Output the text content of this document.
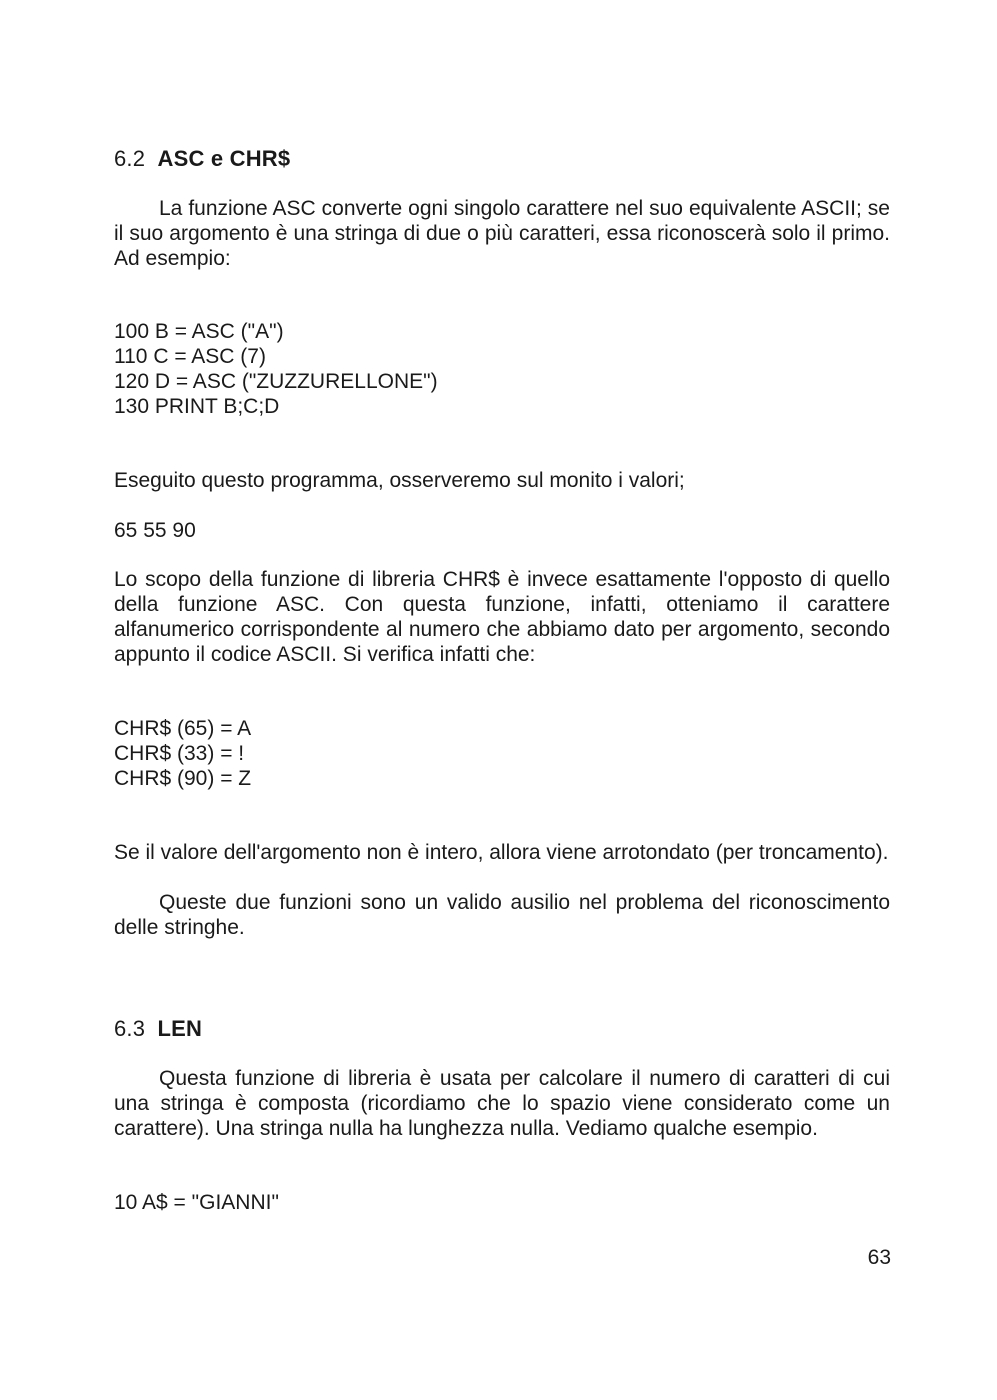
6.2 ASC e CHR$

La funzione ASC converte ogni singolo carattere nel suo equivalente ASCII; se il suo argomento è una stringa di due o più caratteri, essa riconoscerà solo il primo. Ad esempio:

100 B = ASC ("A")
110 C = ASC (7)
120 D = ASC ("ZUZZURELLONE")
130 PRINT B;C;D

Eseguito questo programma, osserveremo sul monito i valori;

65 55 90

Lo scopo della funzione di libreria CHR$ è invece esattamente l'opposto di quello della funzione ASC. Con questa funzione, infatti, otteniamo il carattere alfanumerico corrispondente al numero che abbiamo dato per argomento, secondo appunto il codice ASCII. Si verifica infatti che:

CHR$ (65) = A
CHR$ (33) = !
CHR$ (90) = Z

Se il valore dell'argomento non è intero, allora viene arrotondato (per troncamento).

Queste due funzioni sono un valido ausilio nel problema del riconoscimento delle stringhe.

6.3 LEN

Questa funzione di libreria è usata per calcolare il numero di caratteri di cui una stringa è composta (ricordiamo che lo spazio viene considerato come un carattere). Una stringa nulla ha lunghezza nulla. Vediamo qualche esempio.

10 A$ = "GIANNI"
63
